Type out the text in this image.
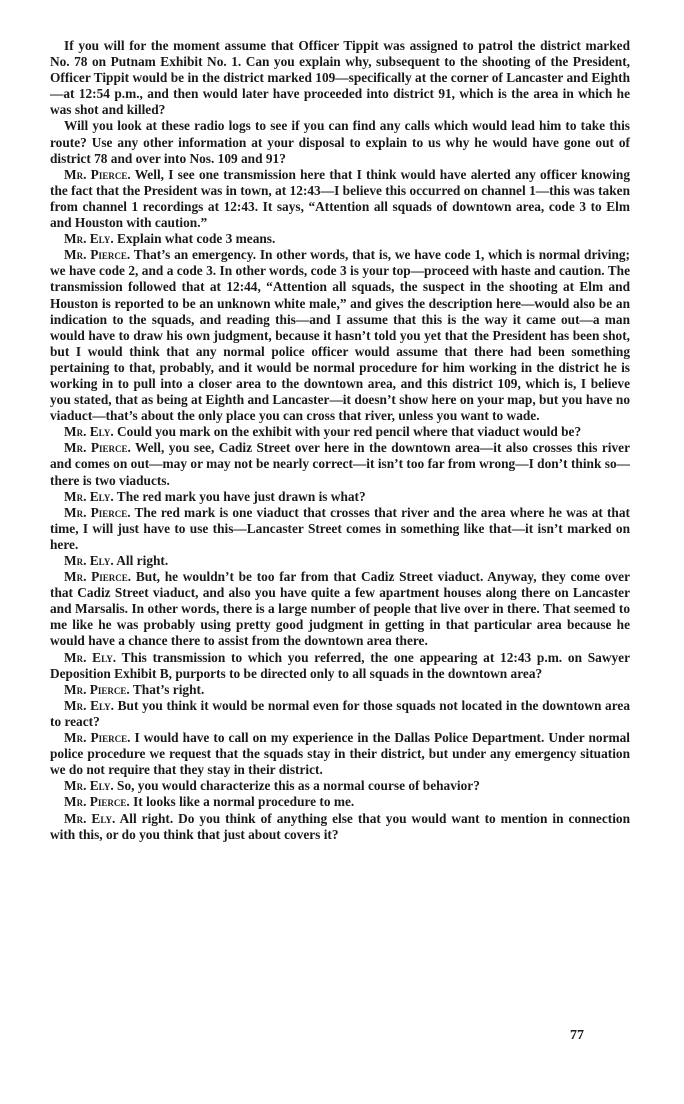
If you will for the moment assume that Officer Tippit was assigned to patrol the district marked No. 78 on Putnam Exhibit No. 1. Can you explain why, subsequent to the shooting of the President, Officer Tippit would be in the district marked 109—specifically at the corner of Lancaster and Eighth—at 12:54 p.m., and then would later have proceeded into district 91, which is the area in which he was shot and killed?

Will you look at these radio logs to see if you can find any calls which would lead him to take this route? Use any other information at your disposal to explain to us why he would have gone out of district 78 and over into Nos. 109 and 91?

Mr. Pierce. Well, I see one transmission here that I think would have alerted any officer knowing the fact that the President was in town, at 12:43—I believe this occurred on channel 1—this was taken from channel 1 recordings at 12:43. It says, “Attention all squads of downtown area, code 3 to Elm and Houston with caution.”

Mr. Ely. Explain what code 3 means.

Mr. Pierce. That’s an emergency. In other words, that is, we have code 1, which is normal driving; we have code 2, and a code 3. In other words, code 3 is your top—proceed with haste and caution. The transmission followed that at 12:44, “Attention all squads, the suspect in the shooting at Elm and Houston is reported to be an unknown white male,” and gives the description here—would also be an indication to the squads, and reading this—and I assume that this is the way it came out—a man would have to draw his own judgment, because it hasn’t told you yet that the President has been shot, but I would think that any normal police officer would assume that there had been something pertaining to that, probably, and it would be normal procedure for him working in the district he is working in to pull into a closer area to the downtown area, and this district 109, which is, I believe you stated, that as being at Eighth and Lancaster—it doesn’t show here on your map, but you have no viaduct—that’s about the only place you can cross that river, unless you want to wade.

Mr. Ely. Could you mark on the exhibit with your red pencil where that viaduct would be?

Mr. Pierce. Well, you see, Cadiz Street over here in the downtown area—it also crosses this river and comes on out—may or may not be nearly correct—it isn’t too far from wrong—I don’t think so—there is two viaducts.

Mr. Ely. The red mark you have just drawn is what?

Mr. Pierce. The red mark is one viaduct that crosses that river and the area where he was at that time, I will just have to use this—Lancaster Street comes in something like that—it isn’t marked on here.

Mr. Ely. All right.

Mr. Pierce. But, he wouldn’t be too far from that Cadiz Street viaduct. Anyway, they come over that Cadiz Street viaduct, and also you have quite a few apartment houses along there on Lancaster and Marsalis. In other words, there is a large number of people that live over in there. That seemed to me like he was probably using pretty good judgment in getting in that particular area because he would have a chance there to assist from the downtown area there.

Mr. Ely. This transmission to which you referred, the one appearing at 12:43 p.m. on Sawyer Deposition Exhibit B, purports to be directed only to all squads in the downtown area?

Mr. Pierce. That’s right.

Mr. Ely. But you think it would be normal even for those squads not located in the downtown area to react?

Mr. Pierce. I would have to call on my experience in the Dallas Police Department. Under normal police procedure we request that the squads stay in their district, but under any emergency situation we do not require that they stay in their district.

Mr. Ely. So, you would characterize this as a normal course of behavior?

Mr. Pierce. It looks like a normal procedure to me.

Mr. Ely. All right. Do you think of anything else that you would want to mention in connection with this, or do you think that just about covers it?

77
